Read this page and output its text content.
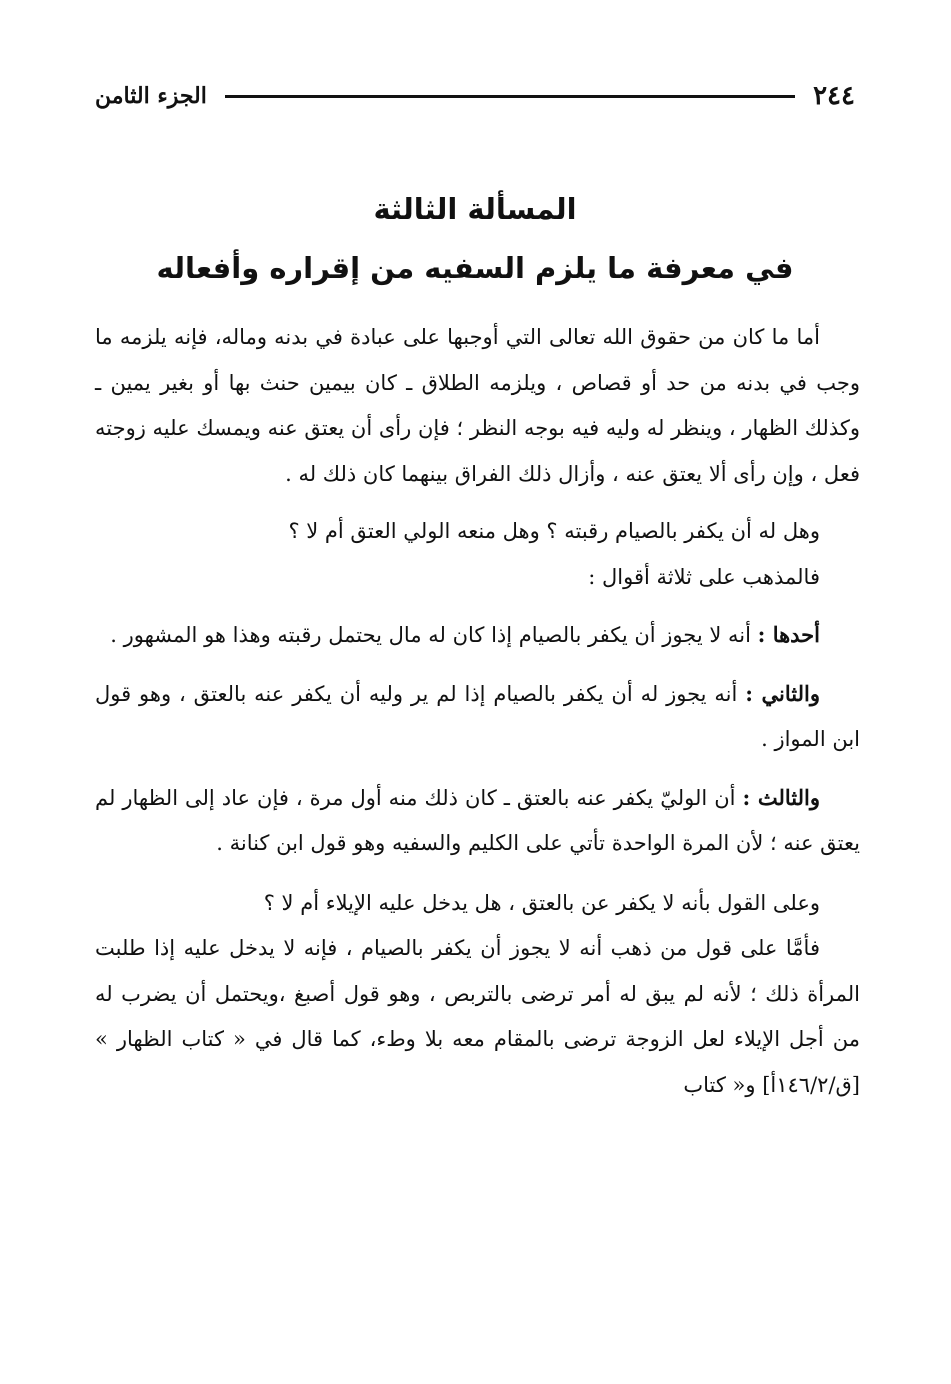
٢٤٤
الجزء الثامن
المسألة الثالثة
في معرفة ما يلزم السفيه من إقراره وأفعاله

أما ما كان من حقوق الله تعالى التي أوجبها على عبادة في بدنه وماله، فإنه يلزمه ما وجب في بدنه من حد أو قصاص ، ويلزمه الطلاق ـ كان بيمين حنث بها أو بغير يمين ـ وكذلك الظهار ، وينظر له وليه فيه بوجه النظر ؛ فإن رأى أن يعتق عنه ويمسك عليه زوجته فعل ، وإن رأى ألا يعتق عنه ، وأزال ذلك الفراق بينهما كان ذلك له .

وهل له أن يكفر بالصيام رقبته ؟ وهل منعه الولي العتق أم لا ؟

فالمذهب على ثلاثة أقوال :

أحدها : أنه لا يجوز أن يكفر بالصيام إذا كان له مال يحتمل رقبته وهذا هو المشهور .

والثاني : أنه يجوز له أن يكفر بالصيام إذا لم ير وليه أن يكفر عنه بالعتق ، وهو قول ابن المواز .

والثالث : أن الوليّ يكفر عنه بالعتق ـ كان ذلك منه أول مرة ، فإن عاد إلى الظهار لم يعتق عنه ؛ لأن المرة الواحدة تأتي على الكليم والسفيه وهو قول ابن كنانة .

وعلى القول بأنه لا يكفر عن بالعتق ، هل يدخل عليه الإيلاء أم لا ؟

فأمَّا على قول من ذهب أنه لا يجوز أن يكفر بالصيام ، فإنه لا يدخل عليه إذا طلبت المرأة ذلك ؛ لأنه لم يبق له أمر ترضى بالتربص ، وهو قول أصبغ ،ويحتمل أن يضرب له من أجل الإيلاء لعل الزوجة ترضى بالمقام معه بلا وطء، كما قال في « كتاب الظهار » [ق/١٤٦/٢أ] و« كتاب
